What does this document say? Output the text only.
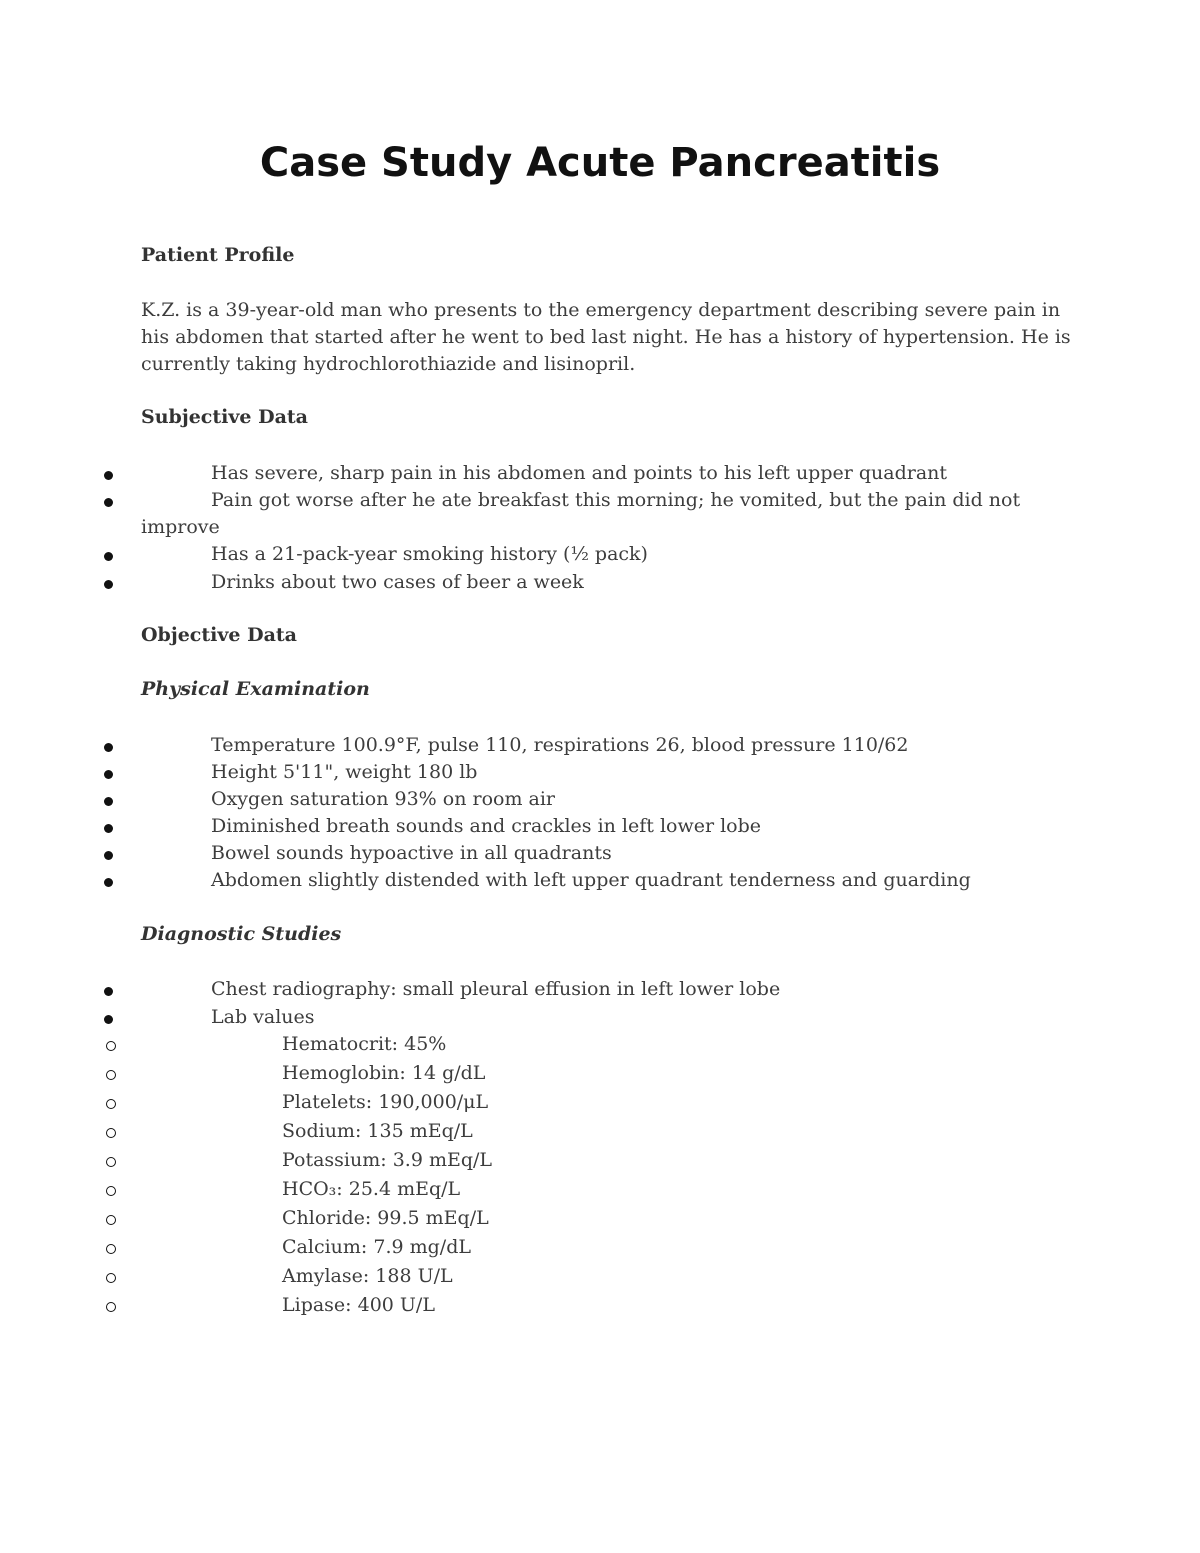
Case Study Acute Pancreatitis
Patient Profile

K.Z. is a 39-year-old man who presents to the emergency department describing severe pain in

his abdomen that started after he went to bed last night. He has a history of hypertension. He is

currently taking hydrochlorothiazide and lisinopril.

Subjective Data
Has severe, sharp pain in his abdomen and points to his left upper quadrant
Pain got worse after he ate breakfast this morning; he vomited, but the pain did not
improve
Has a 21-pack-year smoking history (½ pack)
Drinks about two cases of beer a week
Objective Data
Physical Examination
Temperature 100.9°F, pulse 110, respirations 26, blood pressure 110/62
Height 5'11", weight 180 lb
Oxygen saturation 93% on room air
Diminished breath sounds and crackles in left lower lobe
Bowel sounds hypoactive in all quadrants
Abdomen slightly distended with left upper quadrant tenderness and guarding
Diagnostic Studies
Chest radiography: small pleural effusion in left lower lobe
Lab values
Hematocrit: 45%
Hemoglobin: 14 g/dL
Platelets: 190,000/μL
Sodium: 135 mEq/L
Potassium: 3.9 mEq/L
HCO₃: 25.4 mEq/L
Chloride: 99.5 mEq/L
Calcium: 7.9 mg/dL
Amylase: 188 U/L
Lipase: 400 U/L
